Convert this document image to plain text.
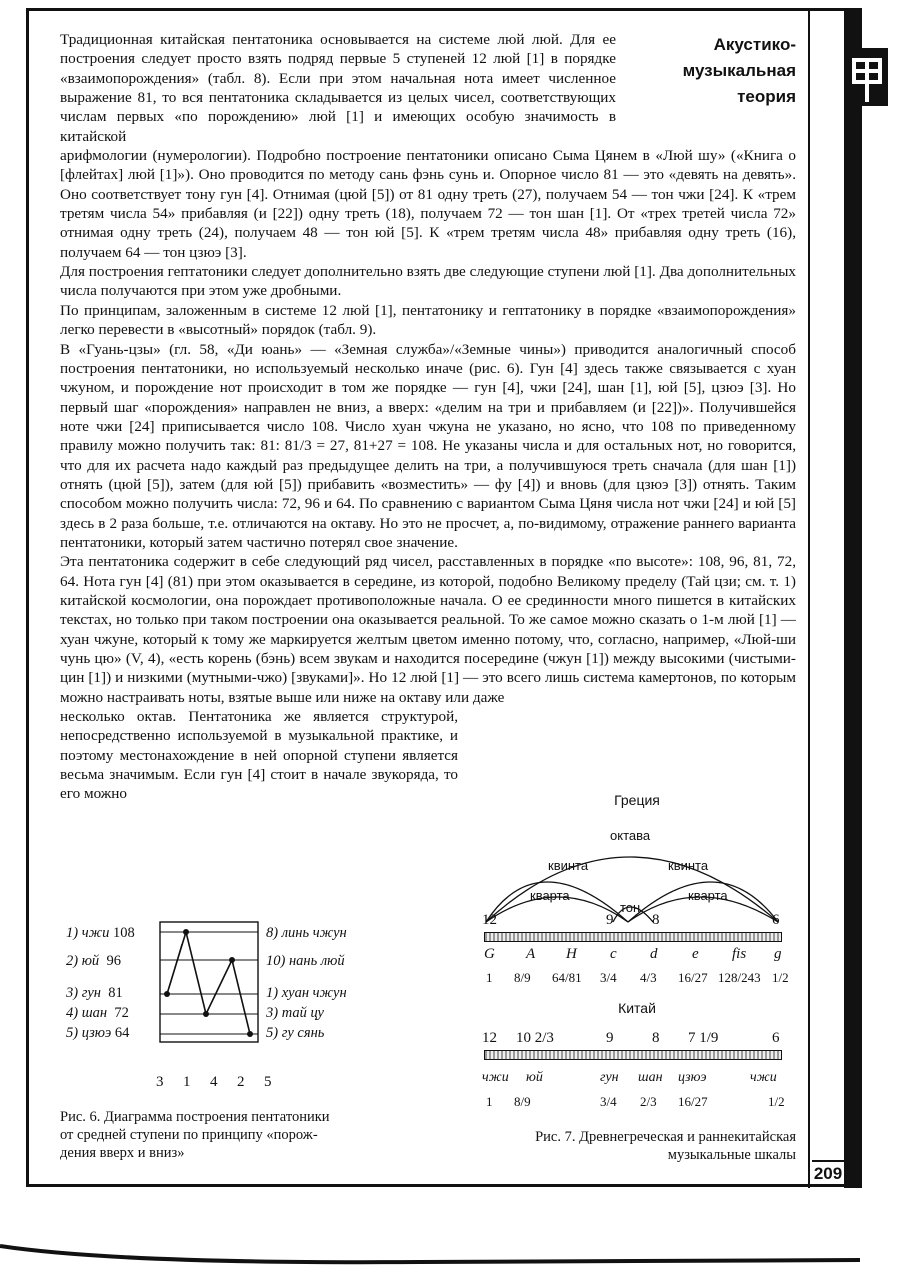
Акустико-
музыкальная
теория

Традиционная китайская пентатоника основывается на системе люй люй. Для ее построения следует просто взять подряд первые 5 ступеней 12 люй [1] в порядке «взаимопорождения» (табл. 8). Если при этом начальная нота имеет численное выражение 81, то вся пентатоника складывается из целых чисел, соответствующих числам первых «по порождению» люй [1] и имеющих особую значимость в китайской

арифмологии (нумерологии). Подробно построение пентатоники описано Сыма Цянем в «Люй шу» («Книга о [флейтах] люй [1]»). Оно проводится по методу сань фэнь сунь и. Опорное число 81 — это «девять на девять». Оно соответствует тону гун [4]. Отнимая (цюй [5]) от 81 одну треть (27), получаем 54 — тон чжи [24]. К «трем третям числа 54» прибавляя (и [22]) одну треть (18), получаем 72 — тон шан [1]. От «трех третей числа 72» отнимая одну треть (24), получаем 48 — тон юй [5]. К «трем третям числа 48» прибавляя одну треть (16), получаем 64 — тон цзюэ [3].

Для построения гептатоники следует дополнительно взять две следующие ступени люй [1]. Два дополнительных числа получаются при этом уже дробными.

По принципам, заложенным в системе 12 люй [1], пентатонику и гептатонику в порядке «взаимопорождения» легко перевести в «высотный» порядок (табл. 9).

В «Гуань-цзы» (гл. 58, «Ди юань» — «Земная служба»/«Земные чины») приводится аналогичный способ построения пентатоники, но используемый несколько иначе (рис. 6). Гун [4] здесь также связывается с хуан чжуном, и порождение нот происходит в том же порядке — гун [4], чжи [24], шан [1], юй [5], цзюэ [3]. Но первый шаг «порождения» направлен не вниз, а вверх: «делим на три и прибавляем (и [22])». Получившейся ноте чжи [24] приписывается число 108. Число хуан чжуна не указано, но ясно, что 108 по приведенному правилу можно получить так: 81: 81/3 = 27, 81+27 = 108. Не указаны числа и для остальных нот, но говорится, что для их расчета надо каждый раз предыдущее делить на три, а получившуюся треть сначала (для шан [1]) отнять (цюй [5]), затем (для юй [5]) прибавить «возместить» — фу [4]) и вновь (для цзюэ [3]) отнять. Таким способом можно получить числа: 72, 96 и 64. По сравнению с вариантом Сыма Цяня числа нот чжи [24] и юй [5] здесь в 2 раза больше, т.е. отличаются на октаву. Но это не просчет, а, по-видимому, отражение раннего варианта пентатоники, который затем частично потерял свое значение.

Эта пентатоника содержит в себе следующий ряд чисел, расставленных в порядке «по высоте»: 108, 96, 81, 72, 64. Нота гун [4] (81) при этом оказывается в середине, из которой, подобно Великому пределу (Тай цзи; см. т. 1) китайской космологии, она порождает противоположные начала. О ее срединности много пишется в китайских текстах, но только при таком построении она оказывается реальной. То же самое можно сказать о 1-м люй [1] — хуан чжуне, который к тому же маркируется желтым цветом именно потому, что, согласно, например, «Люй-ши чунь цю» (V, 4), «есть корень (бэнь) всем звукам и находится посередине (чжун [1]) между высокими (чистыми-цин [1]) и низкими (мутными-чжо) [звуками]». Но 12 люй [1] — это всего лишь система камертонов, по которым можно настраивать ноты, взятые выше или ниже на октаву или даже

несколько октав. Пентатоника же является структурой, непосредственно используемой в музыкальной практике, и поэтому местонахождение в ней опорной ступени является весьма значимым. Если гун [4] стоит в начале звукоряда, то его можно

1) чжи 108
2) юй 96
3) гун 81
4) шан 72
5) цзюэ 64
8) линь чжун
10) нань люй
1) хуан чжун
3) тай цу
5) гу сянь
3  1  4  2  5
Рис. 6. Диаграмма построения пентатоники
от средней ступени по принципу «порож-
дения вверх и вниз»
Греция
октава
квинта	квинта
кварта	кварта
тон
12	9	8	6
G A H c d e fis g
1 8/9 64/81 3/4 4/3 16/27 128/243 1/2
Китай
12 10 2/3	9	8 7 1/9	6
чжи юй	гун шан цзюэ	чжи
1 8/9	3/4 2/3 16/27	1/2
Рис. 7. Древнегреческая и раннекитайская
музыкальные шкалы
209
